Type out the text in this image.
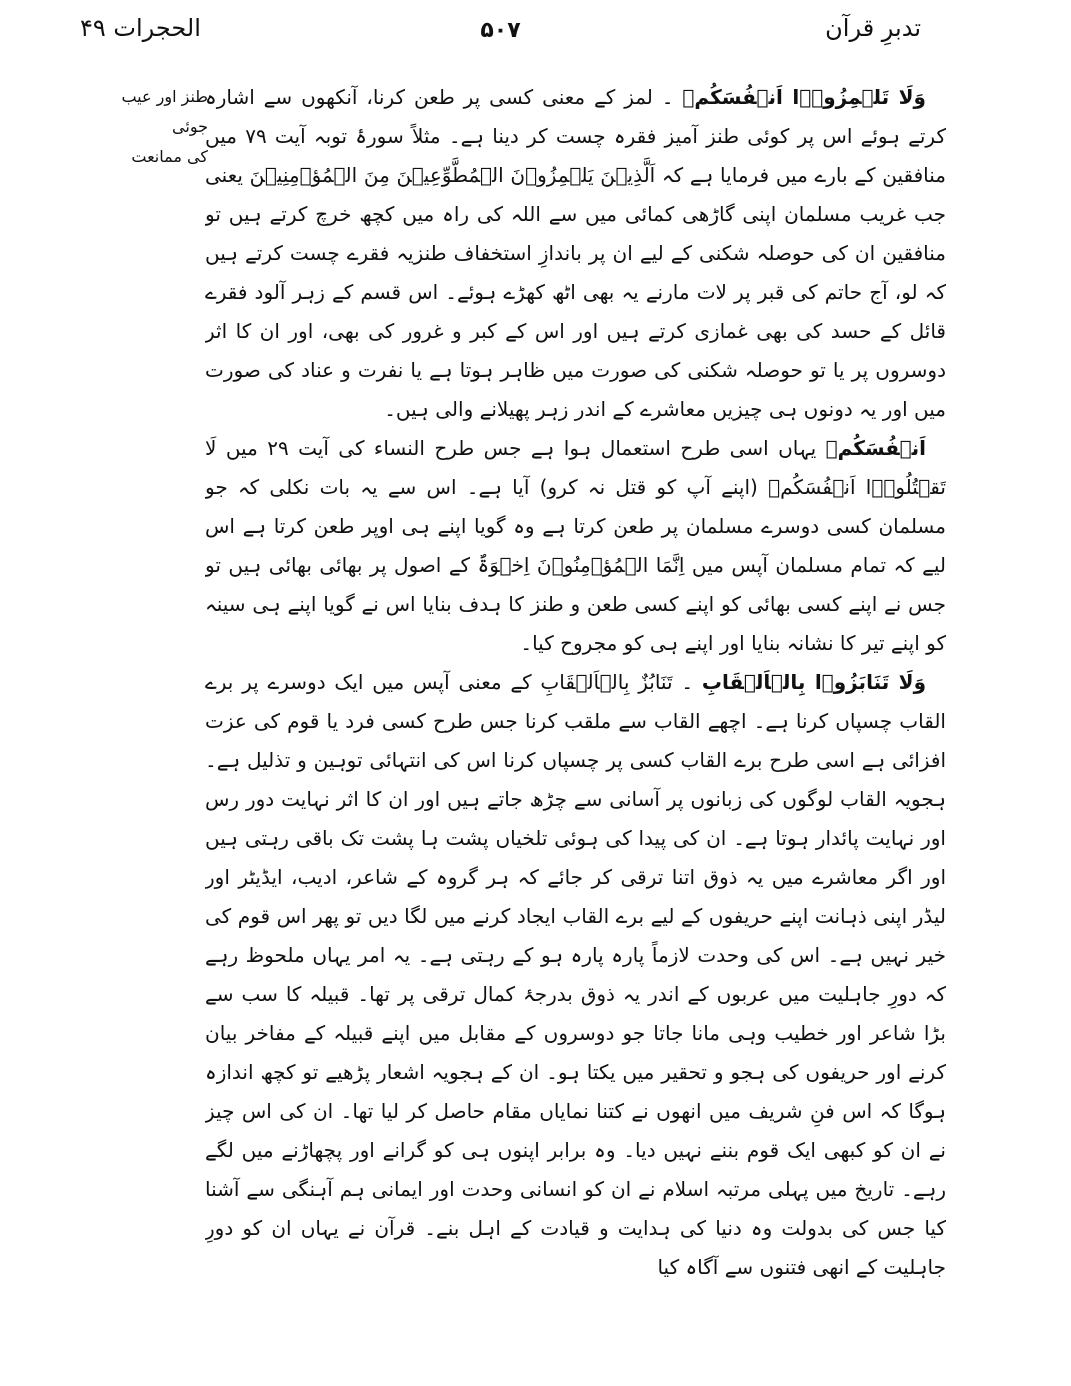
تدبرِ قرآن
۵۰۷
الحجرات ۴۹
طنز اور عیب جوئی
کی ممانعت

وَلَا تَلۡمِزُوۡۤا اَنۡفُسَکُمۡ ۔ لمز کے معنی کسی پر طعن کرنا، آنکھوں سے اشارہ کرتے ہوئے اس پر کوئی طنز آمیز فقرہ چست کر دینا ہے۔ مثلاً سورۂ توبہ آیت ۷۹ میں منافقین کے بارے میں فرمایا ہے کہ اَلَّذِیۡنَ یَلۡمِزُوۡنَ الۡمُطَّوِّعِیۡنَ مِنَ الۡمُؤۡمِنِیۡنَ یعنی جب غریب مسلمان اپنی گاڑھی کمائی میں سے اللہ کی راہ میں کچھ خرچ کرتے ہیں تو منافقین ان کی حوصلہ شکنی کے لیے ان پر باندازِ استخفاف طنزیہ فقرے چست کرتے ہیں کہ لو، آج حاتم کی قبر پر لات مارنے یہ بھی اٹھ کھڑے ہوئے۔ اس قسم کے زہر آلود فقرے قائل کے حسد کی بھی غمازی کرتے ہیں اور اس کے کبر و غرور کی بھی، اور ان کا اثر دوسروں پر یا تو حوصلہ شکنی کی صورت میں ظاہر ہوتا ہے یا نفرت و عناد کی صورت میں اور یہ دونوں ہی چیزیں معاشرے کے اندر زہر پھیلانے والی ہیں۔

اَنۡفُسَکُمۡ یہاں اسی طرح استعمال ہوا ہے جس طرح النساء کی آیت ۲۹ میں لَا تَقۡتُلُوۡۤا اَنۡفُسَکُمۡ (اپنے آپ کو قتل نہ کرو) آیا ہے۔ اس سے یہ بات نکلی کہ جو مسلمان کسی دوسرے مسلمان پر طعن کرتا ہے وہ گویا اپنے ہی اوپر طعن کرتا ہے اس لیے کہ تمام مسلمان آپس میں اِنَّمَا الۡمُؤۡمِنُوۡنَ اِخۡوَۃٌ کے اصول پر بھائی بھائی ہیں تو جس نے اپنے کسی بھائی کو اپنے کسی طعن و طنز کا ہدف بنایا اس نے گویا اپنے ہی سینہ کو اپنے تیر کا نشانہ بنایا اور اپنے ہی کو مجروح کیا۔

وَلَا تَنَابَزُوۡا بِالۡاَلۡقَابِ ۔ تَنَابُزٌ بِالۡاَلۡقَابِ کے معنی آپس میں ایک دوسرے پر برے القاب چسپاں کرنا ہے۔ اچھے القاب سے ملقب کرنا جس طرح کسی فرد یا قوم کی عزت افزائی ہے اسی طرح برے القاب کسی پر چسپاں کرنا اس کی انتہائی توہین و تذلیل ہے۔ ہجویہ القاب لوگوں کی زبانوں پر آسانی سے چڑھ جاتے ہیں اور ان کا اثر نہایت دور رس اور نہایت پائدار ہوتا ہے۔ ان کی پیدا کی ہوئی تلخیاں پشت ہا پشت تک باقی رہتی ہیں اور اگر معاشرے میں یہ ذوق اتنا ترقی کر جائے کہ ہر گروہ کے شاعر، ادیب، ایڈیٹر اور لیڈر اپنی ذہانت اپنے حریفوں کے لیے برے القاب ایجاد کرنے میں لگا دیں تو پھر اس قوم کی خیر نہیں ہے۔ اس کی وحدت لازماً پارہ پارہ ہو کے رہتی ہے۔ یہ امر یہاں ملحوظ رہے کہ دورِ جاہلیت میں عربوں کے اندر یہ ذوق بدرجۂ کمال ترقی پر تھا۔ قبیلہ کا سب سے بڑا شاعر اور خطیب وہی مانا جاتا جو دوسروں کے مقابل میں اپنے قبیلہ کے مفاخر بیان کرنے اور حریفوں کی ہجو و تحقیر میں یکتا ہو۔ ان کے ہجویہ اشعار پڑھیے تو کچھ اندازہ ہوگا کہ اس فنِ شریف میں انھوں نے کتنا نمایاں مقام حاصل کر لیا تھا۔ ان کی اس چیز نے ان کو کبھی ایک قوم بننے نہیں دیا۔ وہ برابر اپنوں ہی کو گرانے اور پچھاڑنے میں لگے رہے۔ تاریخ میں پہلی مرتبہ اسلام نے ان کو انسانی وحدت اور ایمانی ہم آہنگی سے آشنا کیا جس کی بدولت وہ دنیا کی ہدایت و قیادت کے اہل بنے۔ قرآن نے یہاں ان کو دورِ جاہلیت کے انھی فتنوں سے آگاہ کیا
